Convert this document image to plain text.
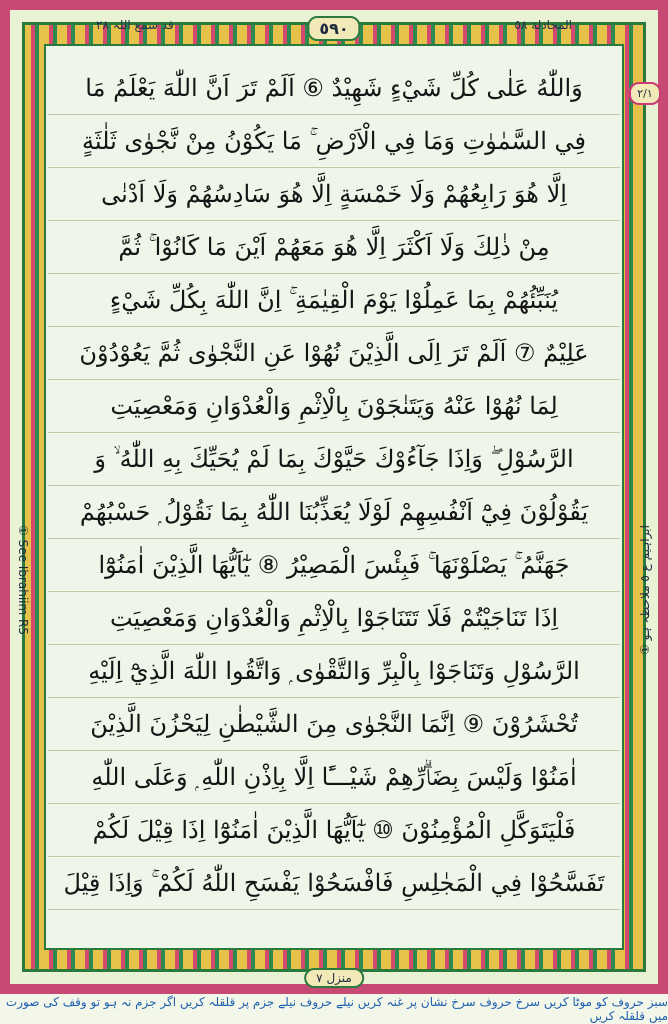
قد سمع اللہ ٢٨	٥٩٠	المجادلة ٥٨
٢/١
① See Ibrahiim R5
① ابراہیم ع ٥ ملاحظہ ہو
وَاللّٰهُ عَلٰى كُلِّ شَيْءٍ شَهِيْدٌ ⑥ اَلَمْ تَرَ اَنَّ اللّٰهَ يَعْلَمُ مَا
فِي السَّمٰوٰتِ وَمَا فِي الْاَرْضِ ۚ مَا يَكُوْنُ مِنْ نَّجْوٰى ثَلٰثَةٍ
اِلَّا هُوَ رَابِعُهُمْ وَلَا خَمْسَةٍ اِلَّا هُوَ سَادِسُهُمْ وَلَا اَدْنٰى
مِنْ ذٰلِكَ وَلَا اَكْثَرَ اِلَّا هُوَ مَعَهُمْ اَيْنَ مَا كَانُوْا ۚ ثُمَّ
يُنَبِّئُهُمْ بِمَا عَمِلُوْا يَوْمَ الْقِيٰمَةِ ۚ اِنَّ اللّٰهَ بِكُلِّ شَيْءٍ
عَلِيْمٌ ⑦ اَلَمْ تَرَ اِلَى الَّذِيْنَ نُهُوْا عَنِ النَّجْوٰى ثُمَّ يَعُوْدُوْنَ
لِمَا نُهُوْا عَنْهُ وَيَتَنٰجَوْنَ بِالْاِثْمِ وَالْعُدْوَانِ وَمَعْصِيَتِ
الرَّسُوْلِ ۖ وَاِذَا جَآءُوْكَ حَيَّوْكَ بِمَا لَمْ يُحَيِّكَ بِهِ اللّٰهُ ۙ وَ
يَقُوْلُوْنَ فِيْٓ اَنْفُسِهِمْ لَوْلَا يُعَذِّبُنَا اللّٰهُ بِمَا نَقُوْلُ ۭ حَسْبُهُمْ
جَهَنَّمُ ۚ يَصْلَوْنَهَا ۚ فَبِئْسَ الْمَصِيْرُ ⑧ يٰٓاَيُّهَا الَّذِيْنَ اٰمَنُوْٓا
اِذَا تَنَاجَيْتُمْ فَلَا تَتَنَاجَوْا بِالْاِثْمِ وَالْعُدْوَانِ وَمَعْصِيَتِ
الرَّسُوْلِ وَتَنَاجَوْا بِالْبِرِّ وَالتَّقْوٰى ۭ وَاتَّقُوا اللّٰهَ الَّذِيْٓ اِلَيْهِ
تُحْشَرُوْنَ ⑨ اِنَّمَا النَّجْوٰى مِنَ الشَّيْطٰنِ لِيَحْزُنَ الَّذِيْنَ
اٰمَنُوْا وَلَيْسَ بِضَاۗرِّهِمْ شَيْـــًٔا اِلَّا بِاِذْنِ اللّٰهِ ۭ وَعَلَى اللّٰهِ
فَلْيَتَوَكَّلِ الْمُؤْمِنُوْنَ ⑩ يٰٓاَيُّهَا الَّذِيْنَ اٰمَنُوْٓا اِذَا قِيْلَ لَكُمْ
تَفَسَّحُوْا فِي الْمَجٰلِسِ فَافْسَحُوْا يَفْسَحِ اللّٰهُ لَكُمْ ۚ وَاِذَا قِيْلَ
منزل ٧
سبز حروف کو موٹا کریں سرخ حروف سرخ نشان پر غنہ کریں نیلے حروف نیلے جزم پر قلقلہ کریں اگر جزم نہ ہو تو وقف کی صورت میں قلقلہ کریں
